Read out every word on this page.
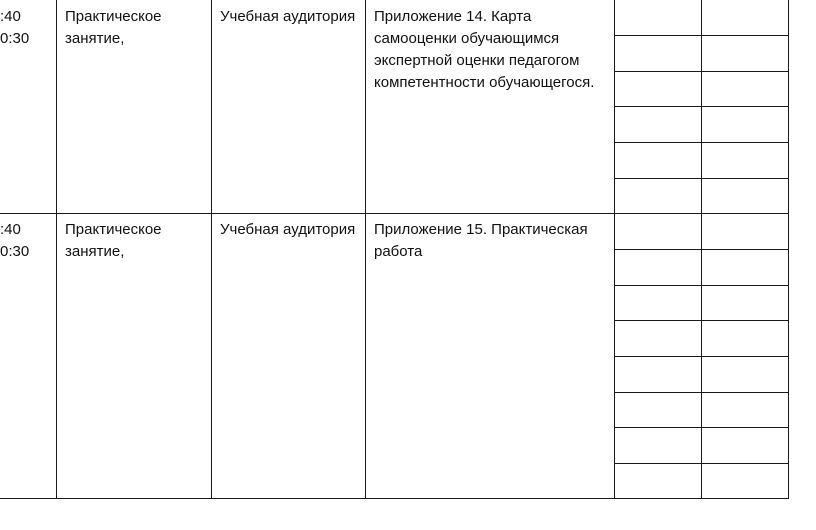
:40
0:30
Практическое
занятие,
Учебная аудитория	Приложение 14. Карта
самооценки обучающимся
экспертной оценки педагогом
компетентности обучающегося.
:40
0:30
Практическое
занятие,
Учебная аудитория	Приложение 15. Практическая
работа
